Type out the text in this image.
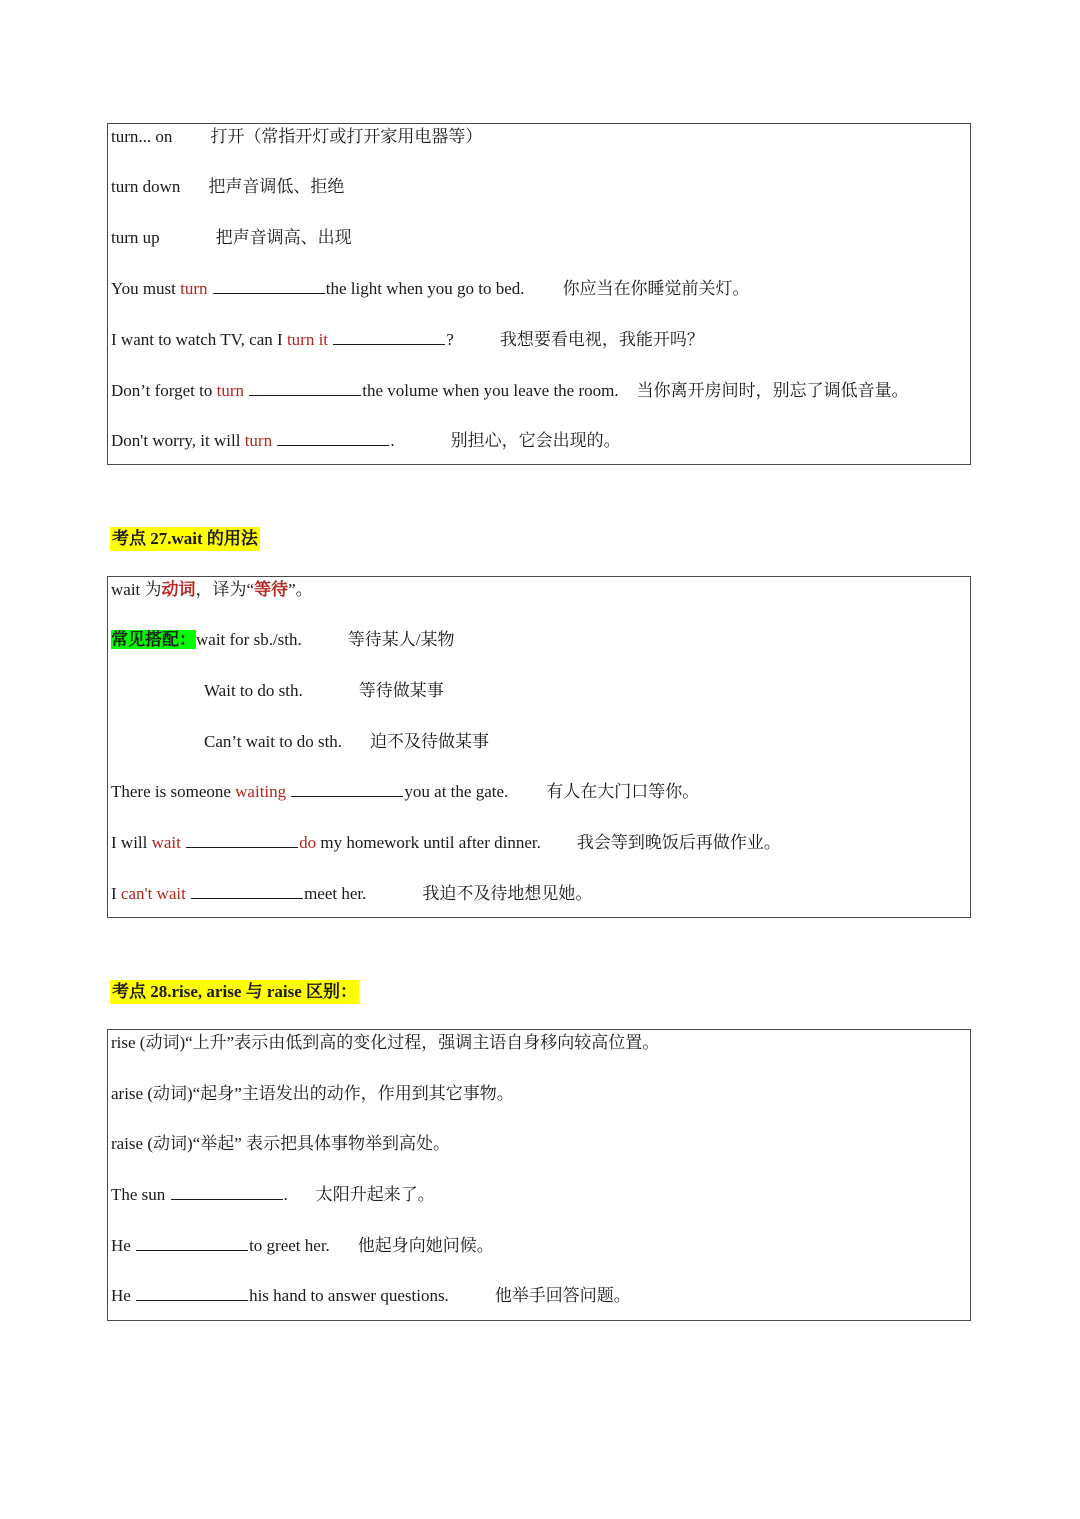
turn... on 打开（常指开灯或打开家用电器等）
turn down 把声音调低、拒绝
turn up	把声音调高、出现
You must turn	the light when you go to bed. 你应当在你睡觉前关灯。
I want to watch TV, can I turn it	?	我想要看电视，我能开吗？
Don’t forget to turn	the volume when you leave the room. 当你离开房间时，别忘了调低音量。
Don't worry, it will turn	.	别担心，它会出现的。
考点 27.wait 的用法
wait 为动词，译为“等待”。
常见搭配：wait for sb./sth.	等待某人/某物
Wait to do sth.	等待做某事
Can’t wait to do sth. 迫不及待做某事
There is someone waiting	you at the gate. 有人在大门口等你。
I will wait	do my homework until after dinner. 我会等到晚饭后再做作业。
I can't wait	meet her.	我迫不及待地想见她。
考点 28.rise, arise 与 raise 区别：
rise (动词)“上升”表示由低到高的变化过程，强调主语自身移向较高位置。
arise (动词)“起身”主语发出的动作，作用到其它事物。
raise (动词)“举起” 表示把具体事物举到高处。
The sun	. 太阳升起来了。
He	to greet her. 他起身向她问候。
He	his hand to answer questions.	他举手回答问题。
